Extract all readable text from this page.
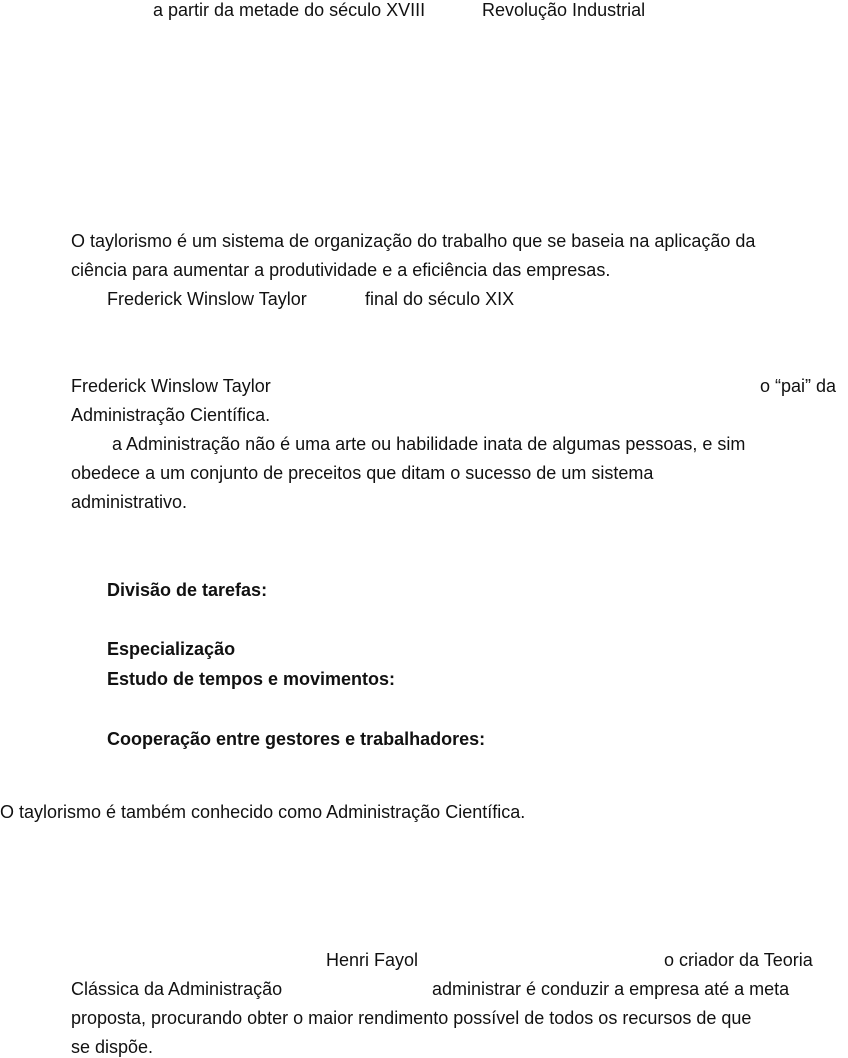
a partir da metade do século XVIII	Revolução Industrial
O taylorismo é um sistema de organização do trabalho que se baseia na aplicação da
ciência para aumentar a produtividade e a eficiência das empresas.
Frederick Winslow Taylor	final do século XIX
Frederick Winslow Taylor	o “pai” da
Administração Científica.
a Administração não é uma arte ou habilidade inata de algumas pessoas, e sim
obedece a um conjunto de preceitos que ditam o sucesso de um sistema
administrativo.
Divisão de tarefas:
Especialização
Estudo de tempos e movimentos:
Cooperação entre gestores e trabalhadores:
O taylorismo é também conhecido como Administração Científica.
Henri Fayol	o criador da Teoria
Clássica da Administração	administrar é conduzir a empresa até a meta
proposta, procurando obter o maior rendimento possível de todos os recursos de que
se dispõe.
